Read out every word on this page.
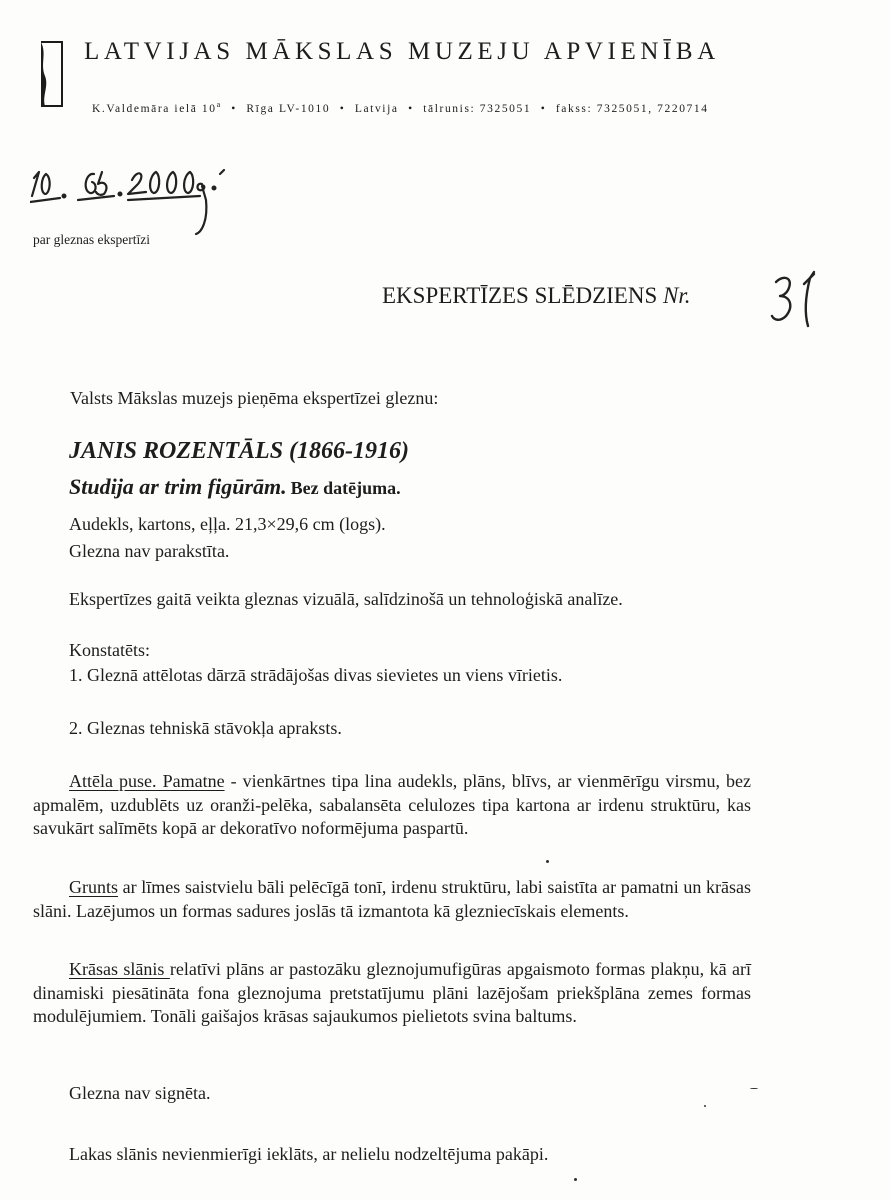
LATVIJAS MĀKSLAS MUZEJU APVIENĪBA
K.Valdemāra ielā 10$^a$ • Rīga LV-1010 • Latvija • tālrunis: 7325051 • fakss: 7325051, 7220714
par gleznas ekspertīzi
EKSPERTĪZES SLĒDZIENS Nr.
Valsts Mākslas muzejs pieņēma ekspertīzei gleznu:
JANIS ROZENTĀLS (1866-1916)
Studija ar trim figūrām. Bez datējuma.
Audekls, kartons, eļļa. 21,3×29,6 cm (logs).
Glezna nav parakstīta.
Ekspertīzes gaitā veikta gleznas vizuālā, salīdzinošā un tehnoloģiskā analīze.
Konstatēts:
1. Gleznā attēlotas dārzā strādājošas divas sievietes un viens vīrietis.
2. Gleznas tehniskā stāvokļa apraksts.
Attēla puse. Pamatne - vienkārtnes tipa lina audekls, plāns, blīvs, ar vienmērīgu virsmu, bez apmalēm, uzdublēts uz oranži-pelēka, sabalansēta celulozes tipa kartona ar irdenu struktūru, kas savukārt salīmēts kopā ar dekoratīvo noformējuma paspartū.
Grunts ar līmes saistvielu bāli pelēcīgā tonī, irdenu struktūru, labi saistīta ar pamatni un krāsas slāni. Lazējumos un formas sadures joslās tā izmantota kā glezniecīskais elements.
Krāsas slānis relatīvi plāns ar pastozāku gleznojumufigūras apgaismoto formas plakņu, kā arī dinamiski piesātināta fona gleznojuma pretstatījumu plāni lazējošam priekšplāna zemes formas modulējumiem. Tonāli gaišajos krāsas sajaukumos pielietots svina baltums.
Glezna nav signēta.
Lakas slānis nevienmierīgi ieklāts, ar nelielu nodzeltējuma pakāpi.
